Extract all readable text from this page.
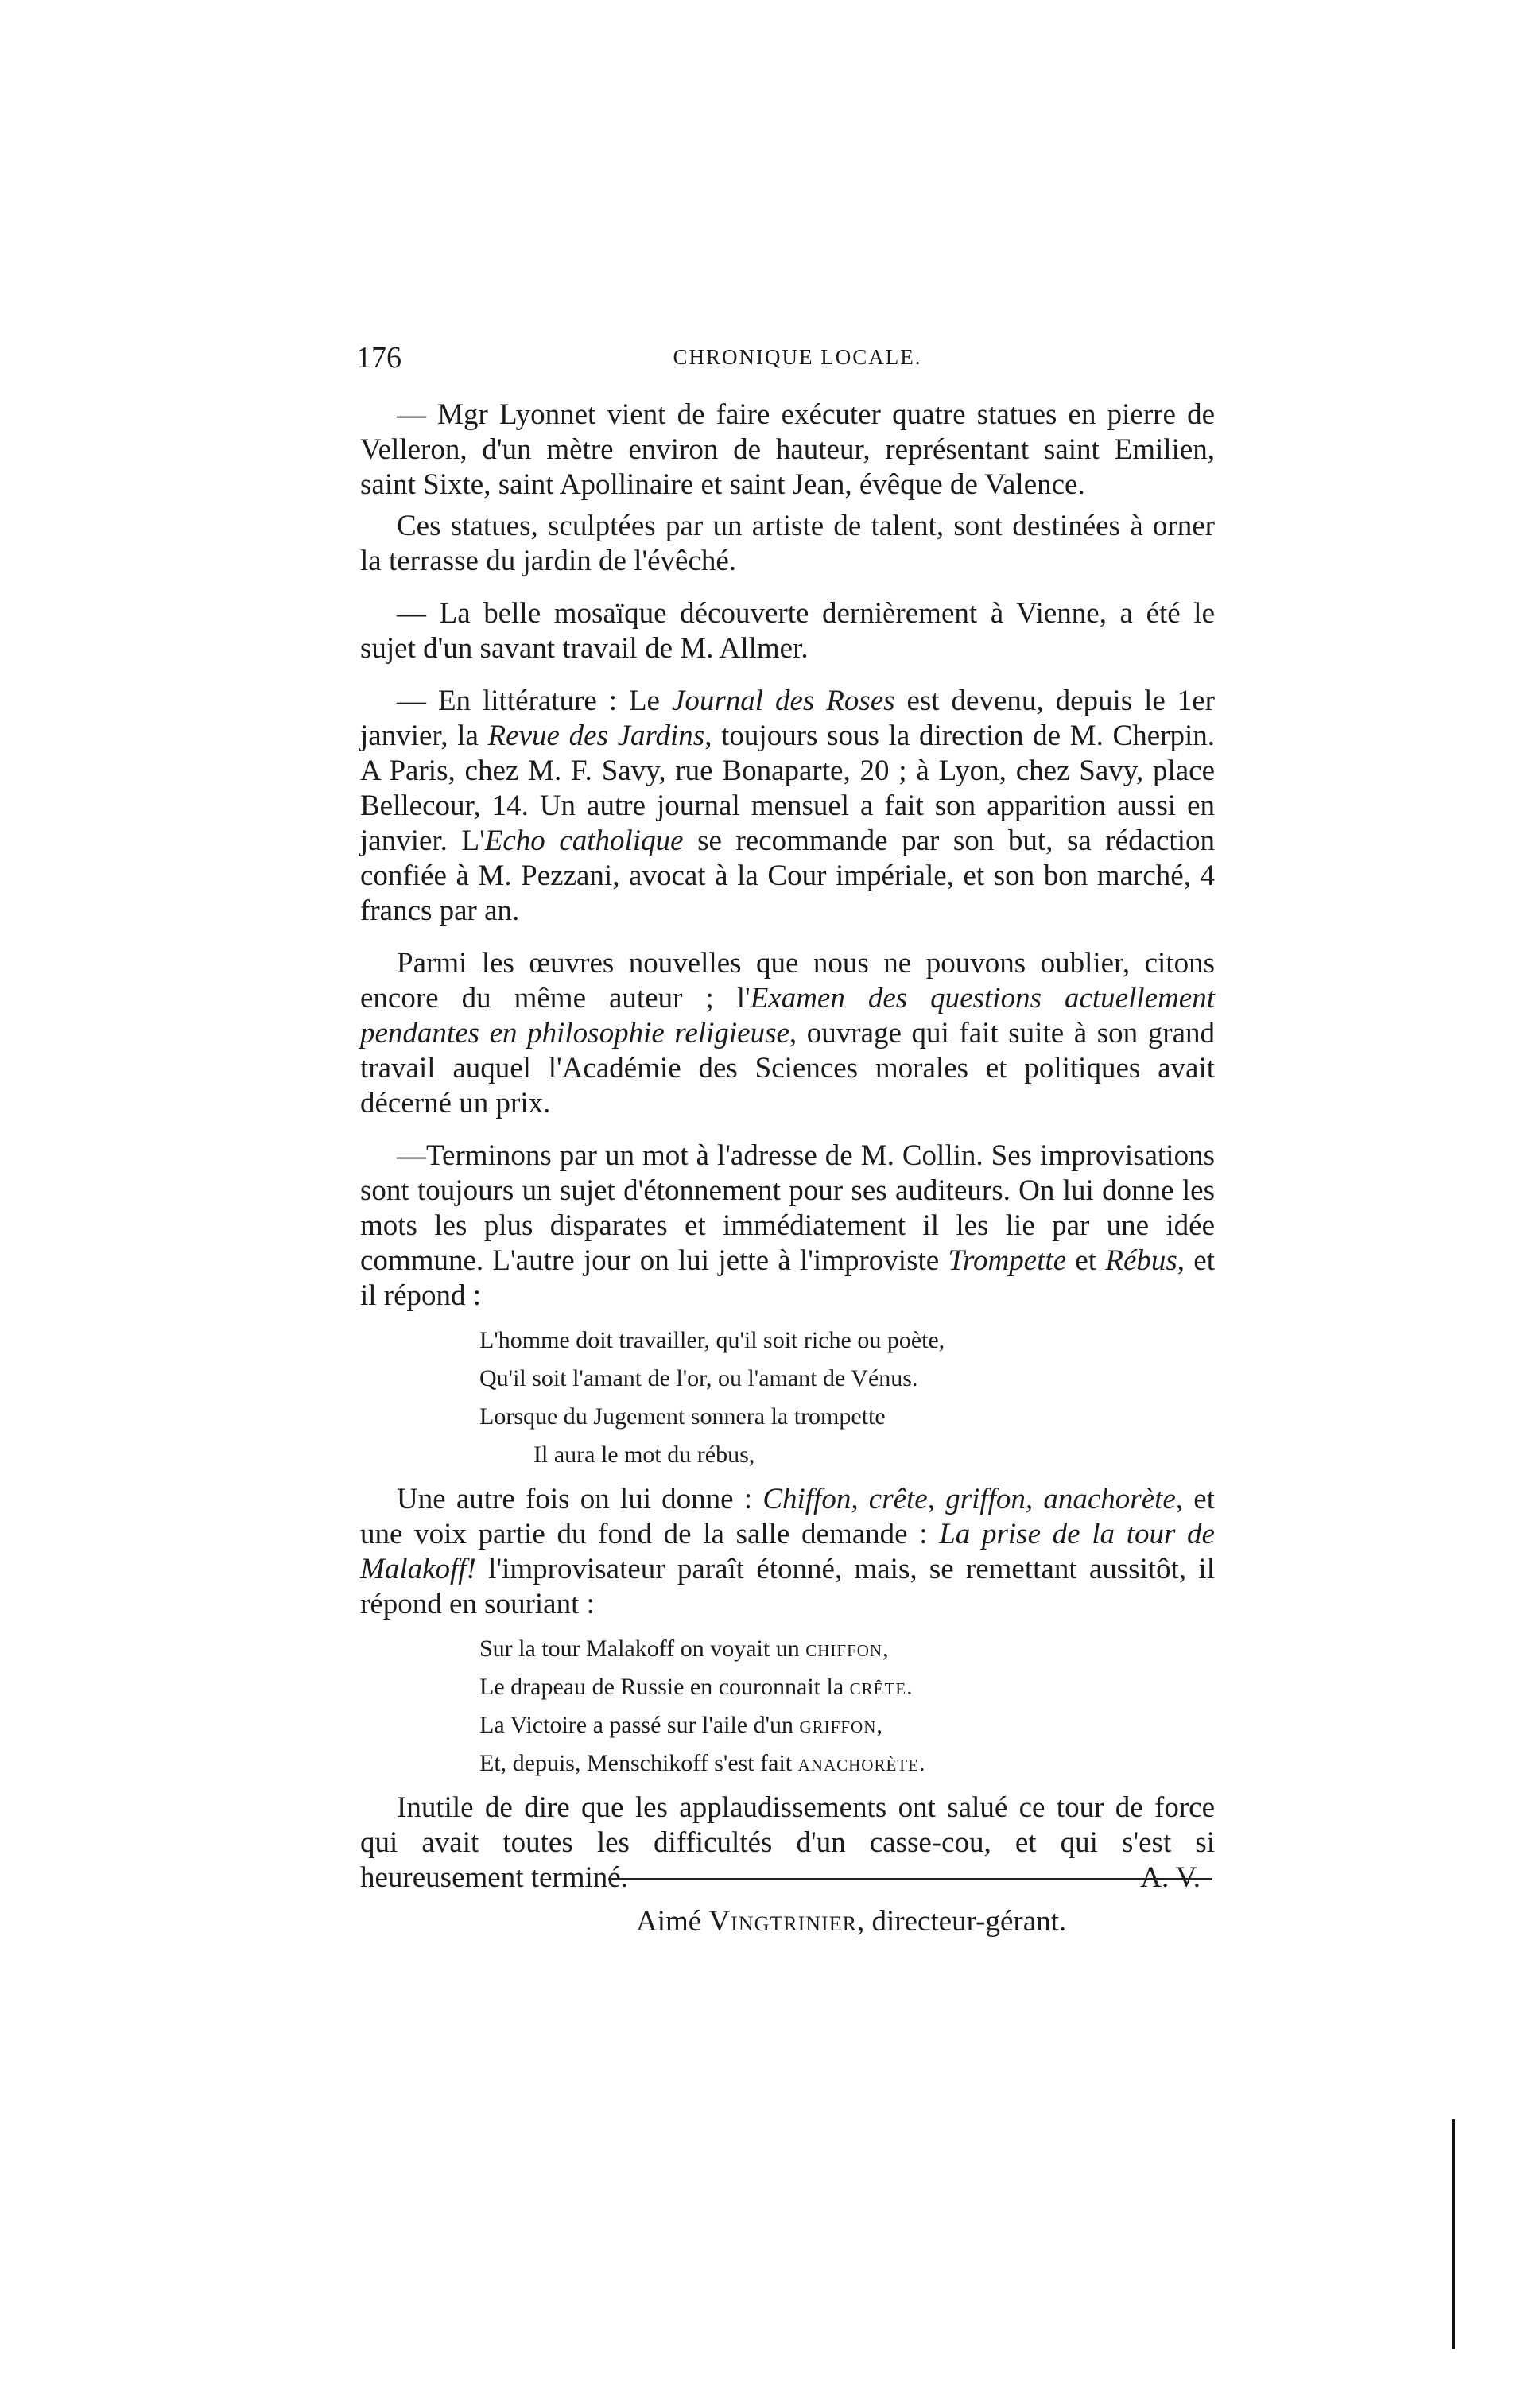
176	CHRONIQUE LOCALE.

— Mgr Lyonnet vient de faire exécuter quatre statues en pierre de Velleron, d'un mètre environ de hauteur, représentant saint Emilien, saint Sixte, saint Apollinaire et saint Jean, évêque de Valence.

Ces statues, sculptées par un artiste de talent, sont destinées à orner la terrasse du jardin de l'évêché.

— La belle mosaïque découverte dernièrement à Vienne, a été le sujet d'un savant travail de M. Allmer.

— En littérature : Le Journal des Roses est devenu, depuis le 1er janvier, la Revue des Jardins, toujours sous la direction de M. Cherpin. A Paris, chez M. F. Savy, rue Bonaparte, 20 ; à Lyon, chez Savy, place Bellecour, 14. Un autre journal mensuel a fait son apparition aussi en janvier. L'Echo catholique se recommande par son but, sa rédaction confiée à M. Pezzani, avocat à la Cour impériale, et son bon marché, 4 francs par an.

Parmi les œuvres nouvelles que nous ne pouvons oublier, citons encore du même auteur ; l'Examen des questions actuellement pendantes en philosophie religieuse, ouvrage qui fait suite à son grand travail auquel l'Académie des Sciences morales et politiques avait décerné un prix.

—Terminons par un mot à l'adresse de M. Collin. Ses improvisations sont toujours un sujet d'étonnement pour ses auditeurs. On lui donne les mots les plus disparates et immédiatement il les lie par une idée commune. L'autre jour on lui jette à l'improviste Trompette et Rébus, et il répond :

L'homme doit travailler, qu'il soit riche ou poète,
Qu'il soit l'amant de l'or, ou l'amant de Vénus.
Lorsque du Jugement sonnera la trompette
Il aura le mot du rébus,

Une autre fois on lui donne : Chiffon, crête, griffon, anachorète, et une voix partie du fond de la salle demande : La prise de la tour de Malakoff! l'improvisateur paraît étonné, mais, se remettant aussitôt, il répond en souriant :

Sur la tour Malakoff on voyait un chiffon,
Le drapeau de Russie en couronnait la crête.
La Victoire a passé sur l'aile d'un griffon,
Et, depuis, Menschikoff s'est fait anachorète.

Inutile de dire que les applaudissements ont salué ce tour de force qui avait toutes les difficultés d'un casse-cou, et qui s'est si heureusement terminé.	A. V.

Aimé Vingtrinier, directeur-gérant.
